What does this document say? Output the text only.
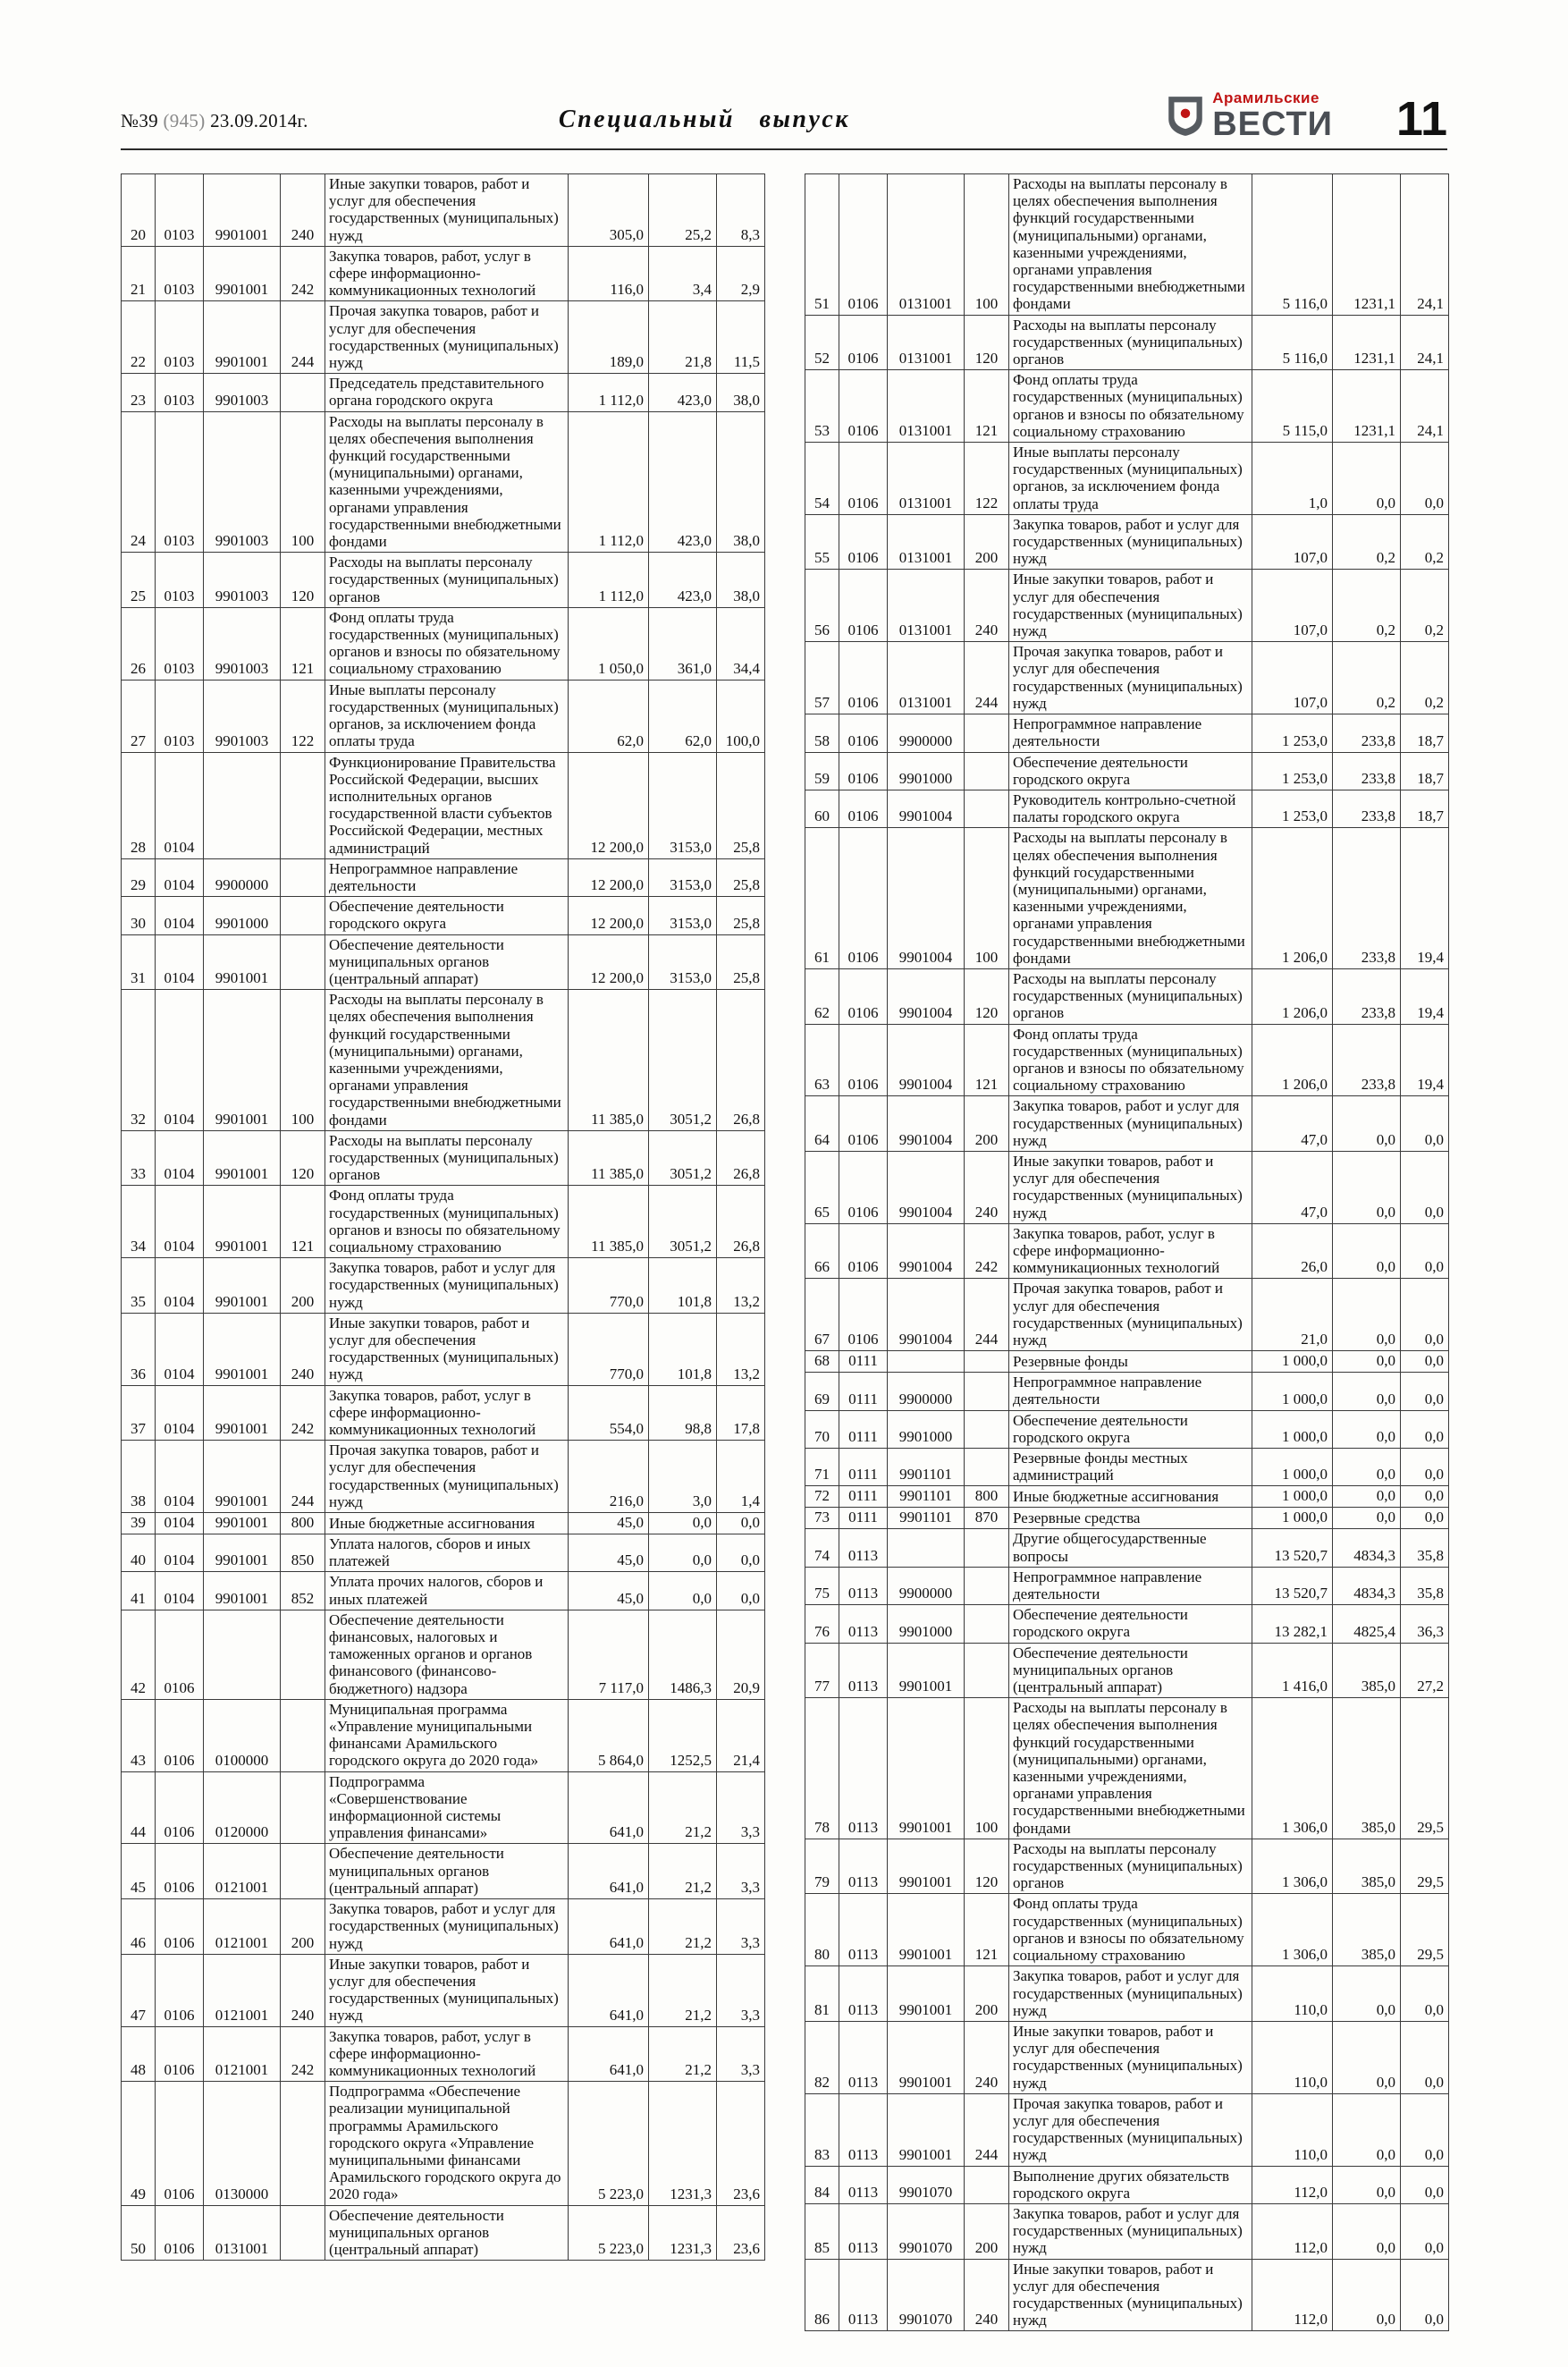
№39 (945) 23.09.2014г.	Специальный выпуск
Арамильские
ВЕСТИ 11
20	0103	9901001	240	Иные закупки товаров, работ и услуг для обеспечения государственных (муниципальных) нужд	305,0	25,2	8,3
21	0103	9901001	242	Закупка товаров, работ, услуг в сфере информационно-коммуникационных технологий	116,0	3,4	2,9
22	0103	9901001	244	Прочая закупка товаров, работ и услуг для обеспечения государственных (муниципальных) нужд	189,0	21,8	11,5
23	0103	9901003		Председатель представительного органа городского округа	1 112,0	423,0	38,0
24	0103	9901003	100	Расходы на выплаты персоналу в целях обеспечения выполнения функций государственными (муниципальными) органами, казенными учреждениями, органами управления государственными внебюджетными фондами	1 112,0	423,0	38,0
25	0103	9901003	120	Расходы на выплаты персоналу государственных (муниципальных) органов	1 112,0	423,0	38,0
26	0103	9901003	121	Фонд оплаты труда государственных (муниципальных) органов и взносы по обязательному социальному страхованию	1 050,0	361,0	34,4
27	0103	9901003	122	Иные выплаты персоналу государственных (муниципальных) органов, за исключением фонда оплаты труда	62,0	62,0	100,0
28	0104			Функционирование Правительства Российской Федерации, высших исполнительных органов государственной власти субъектов Российской Федерации, местных администраций	12 200,0	3153,0	25,8
29	0104	9900000		Непрограммное направление деятельности	12 200,0	3153,0	25,8
30	0104	9901000		Обеспечение деятельности городского округа	12 200,0	3153,0	25,8
31	0104	9901001		Обеспечение деятельности муниципальных органов (центральный аппарат)	12 200,0	3153,0	25,8
32	0104	9901001	100	Расходы на выплаты персоналу в целях обеспечения выполнения функций государственными (муниципальными) органами, казенными учреждениями, органами управления государственными внебюджетными фондами	11 385,0	3051,2	26,8
33	0104	9901001	120	Расходы на выплаты персоналу государственных (муниципальных) органов	11 385,0	3051,2	26,8
34	0104	9901001	121	Фонд оплаты труда государственных (муниципальных) органов и взносы по обязательному социальному страхованию	11 385,0	3051,2	26,8
35	0104	9901001	200	Закупка товаров, работ и услуг для государственных (муниципальных) нужд	770,0	101,8	13,2
36	0104	9901001	240	Иные закупки товаров, работ и услуг для обеспечения государственных (муниципальных) нужд	770,0	101,8	13,2
37	0104	9901001	242	Закупка товаров, работ, услуг в сфере информационно-коммуникационных технологий	554,0	98,8	17,8
38	0104	9901001	244	Прочая закупка товаров, работ и услуг для обеспечения государственных (муниципальных) нужд	216,0	3,0	1,4
39	0104	9901001	800	Иные бюджетные ассигнования	45,0	0,0	0,0
40	0104	9901001	850	Уплата налогов, сборов и иных платежей	45,0	0,0	0,0
41	0104	9901001	852	Уплата прочих налогов, сборов и иных платежей	45,0	0,0	0,0
42	0106			Обеспечение деятельности финансовых, налоговых и таможенных органов и органов финансового (финансово-бюджетного) надзора	7 117,0	1486,3	20,9
43	0106	0100000		Муниципальная программа «Управление муниципальными финансами Арамильского городского округа до 2020 года»	5 864,0	1252,5	21,4
44	0106	0120000		Подпрограмма «Совершенствование информационной системы управления финансами»	641,0	21,2	3,3
45	0106	0121001		Обеспечение деятельности муниципальных органов (центральный аппарат)	641,0	21,2	3,3
46	0106	0121001	200	Закупка товаров, работ и услуг для государственных (муниципальных) нужд	641,0	21,2	3,3
47	0106	0121001	240	Иные закупки товаров, работ и услуг для обеспечения государственных (муниципальных) нужд	641,0	21,2	3,3
48	0106	0121001	242	Закупка товаров, работ, услуг в сфере информационно-коммуникационных технологий	641,0	21,2	3,3
49	0106	0130000		Подпрограмма «Обеспечение реализации муниципальной программы Арамильского городского округа «Управление муниципальными финансами Арамильского городского округа до 2020 года»	5 223,0	1231,3	23,6
50	0106	0131001		Обеспечение деятельности муниципальных органов (центральный аппарат)	5 223,0	1231,3	23,6
51	0106	0131001	100	Расходы на выплаты персоналу в целях обеспечения выполнения функций государственными (муниципальными) органами, казенными учреждениями, органами управления государственными внебюджетными фондами	5 116,0	1231,1	24,1
52	0106	0131001	120	Расходы на выплаты персоналу государственных (муниципальных) органов	5 116,0	1231,1	24,1
53	0106	0131001	121	Фонд оплаты труда государственных (муниципальных) органов и взносы по обязательному социальному страхованию	5 115,0	1231,1	24,1
54	0106	0131001	122	Иные выплаты персоналу государственных (муниципальных) органов, за исключением фонда оплаты труда	1,0	0,0	0,0
55	0106	0131001	200	Закупка товаров, работ и услуг для государственных (муниципальных) нужд	107,0	0,2	0,2
56	0106	0131001	240	Иные закупки товаров, работ и услуг для обеспечения государственных (муниципальных) нужд	107,0	0,2	0,2
57	0106	0131001	244	Прочая закупка товаров, работ и услуг для обеспечения государственных (муниципальных) нужд	107,0	0,2	0,2
58	0106	9900000		Непрограммное направление деятельности	1 253,0	233,8	18,7
59	0106	9901000		Обеспечение деятельности городского округа	1 253,0	233,8	18,7
60	0106	9901004		Руководитель контрольно-счетной палаты городского округа	1 253,0	233,8	18,7
61	0106	9901004	100	Расходы на выплаты персоналу в целях обеспечения выполнения функций государственными (муниципальными) органами, казенными учреждениями, органами управления государственными внебюджетными фондами	1 206,0	233,8	19,4
62	0106	9901004	120	Расходы на выплаты персоналу государственных (муниципальных) органов	1 206,0	233,8	19,4
63	0106	9901004	121	Фонд оплаты труда государственных (муниципальных) органов и взносы по обязательному социальному страхованию	1 206,0	233,8	19,4
64	0106	9901004	200	Закупка товаров, работ и услуг для государственных (муниципальных) нужд	47,0	0,0	0,0
65	0106	9901004	240	Иные закупки товаров, работ и услуг для обеспечения государственных (муниципальных) нужд	47,0	0,0	0,0
66	0106	9901004	242	Закупка товаров, работ, услуг в сфере информационно-коммуникационных технологий	26,0	0,0	0,0
67	0106	9901004	244	Прочая закупка товаров, работ и услуг для обеспечения государственных (муниципальных) нужд	21,0	0,0	0,0
68	0111			Резервные фонды	1 000,0	0,0	0,0
69	0111	9900000		Непрограммное направление деятельности	1 000,0	0,0	0,0
70	0111	9901000		Обеспечение деятельности городского округа	1 000,0	0,0	0,0
71	0111	9901101		Резервные фонды местных администраций	1 000,0	0,0	0,0
72	0111	9901101	800	Иные бюджетные ассигнования	1 000,0	0,0	0,0
73	0111	9901101	870	Резервные средства	1 000,0	0,0	0,0
74	0113			Другие общегосударственные вопросы	13 520,7	4834,3	35,8
75	0113	9900000		Непрограммное направление деятельности	13 520,7	4834,3	35,8
76	0113	9901000		Обеспечение деятельности городского округа	13 282,1	4825,4	36,3
77	0113	9901001		Обеспечение деятельности муниципальных органов (центральный аппарат)	1 416,0	385,0	27,2
78	0113	9901001	100	Расходы на выплаты персоналу в целях обеспечения выполнения функций государственными (муниципальными) органами, казенными учреждениями, органами управления государственными внебюджетными фондами	1 306,0	385,0	29,5
79	0113	9901001	120	Расходы на выплаты персоналу государственных (муниципальных) органов	1 306,0	385,0	29,5
80	0113	9901001	121	Фонд оплаты труда государственных (муниципальных) органов и взносы по обязательному социальному страхованию	1 306,0	385,0	29,5
81	0113	9901001	200	Закупка товаров, работ и услуг для государственных (муниципальных) нужд	110,0	0,0	0,0
82	0113	9901001	240	Иные закупки товаров, работ и услуг для обеспечения государственных (муниципальных) нужд	110,0	0,0	0,0
83	0113	9901001	244	Прочая закупка товаров, работ и услуг для обеспечения государственных (муниципальных) нужд	110,0	0,0	0,0
84	0113	9901070		Выполнение других обязательств городского округа	112,0	0,0	0,0
85	0113	9901070	200	Закупка товаров, работ и услуг для государственных (муниципальных) нужд	112,0	0,0	0,0
86	0113	9901070	240	Иные закупки товаров, работ и услуг для обеспечения государственных (муниципальных) нужд	112,0	0,0	0,0
